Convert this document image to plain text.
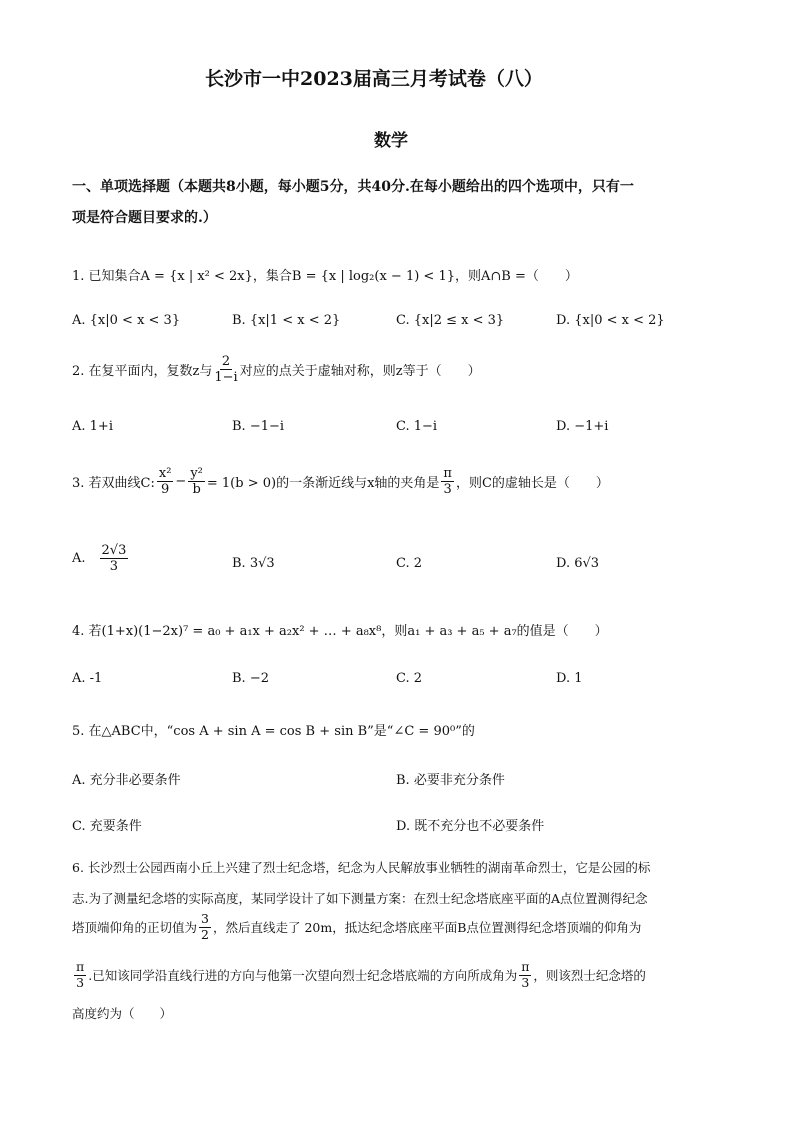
长沙市一中2023届高三月考试卷（八）
数学
一、单项选择题（本题共8小题，每小题5分，共40分.在每小题给出的四个选项中，只有一
项是符合题目要求的.）
1. 已知集合A = {x | x² < 2x}，集合B = {x | log₂(x − 1) < 1}，则A∩B =（　　）
A. {x|0 < x < 3}	B. {x|1 < x < 2}	C. {x|2 ≤ x < 3}	D. {x|0 < x < 2}
2. 在复平面内，复数z与 $\frac{2}{1-i}$ 对应的点关于虚轴对称，则z等于（　　）
A. 1+i	B. −1−i	C. 1−i	D. −1+i
3. 若双曲线C: $\frac{\text{x²}}{9} - \frac{\text{y²}}{b} = 1(b > 0)$的一条渐近线与x轴的夹角是 $\frac{\pi}{3}$ ，则C的虚轴长是（　　）
A. $\frac{2√3}{3}$	B. 3√3	C. 2	D. 6√3
4. 若(1+x)(1−2x)⁷ = a₀ + a₁x + a₂x² + … + a₈x⁸，则a₁ + a₃ + a₅ + a₇的值是（　　）
A. -1	B. −2	C. 2	D. 1
5. 在△ABC中，“cos A + sin A = cos B + sin B”是“∠C = 90⁰”的
A. 充分非必要条件	B. 必要非充分条件
C. 充要条件	D. 既不充分也不必要条件
6. 长沙烈士公园西南小丘上兴建了烈士纪念塔，纪念为人民解放事业牺牲的湖南革命烈士，它是公园的标
志.为了测量纪念塔的实际高度，某同学设计了如下测量方案：在烈士纪念塔底座平面的A点位置测得纪念
塔顶端仰角的正切值为 $\frac{3}{2}$ ，然后直线走了 20m，抵达纪念塔底座平面B点位置测得纪念塔顶端的仰角为
$\frac{\pi}{3}$ .已知该同学沿直线行进的方向与他第一次望向烈士纪念塔底端的方向所成角为 $\frac{\pi}{3}$ ，则该烈士纪念塔的
高度约为（　　）
